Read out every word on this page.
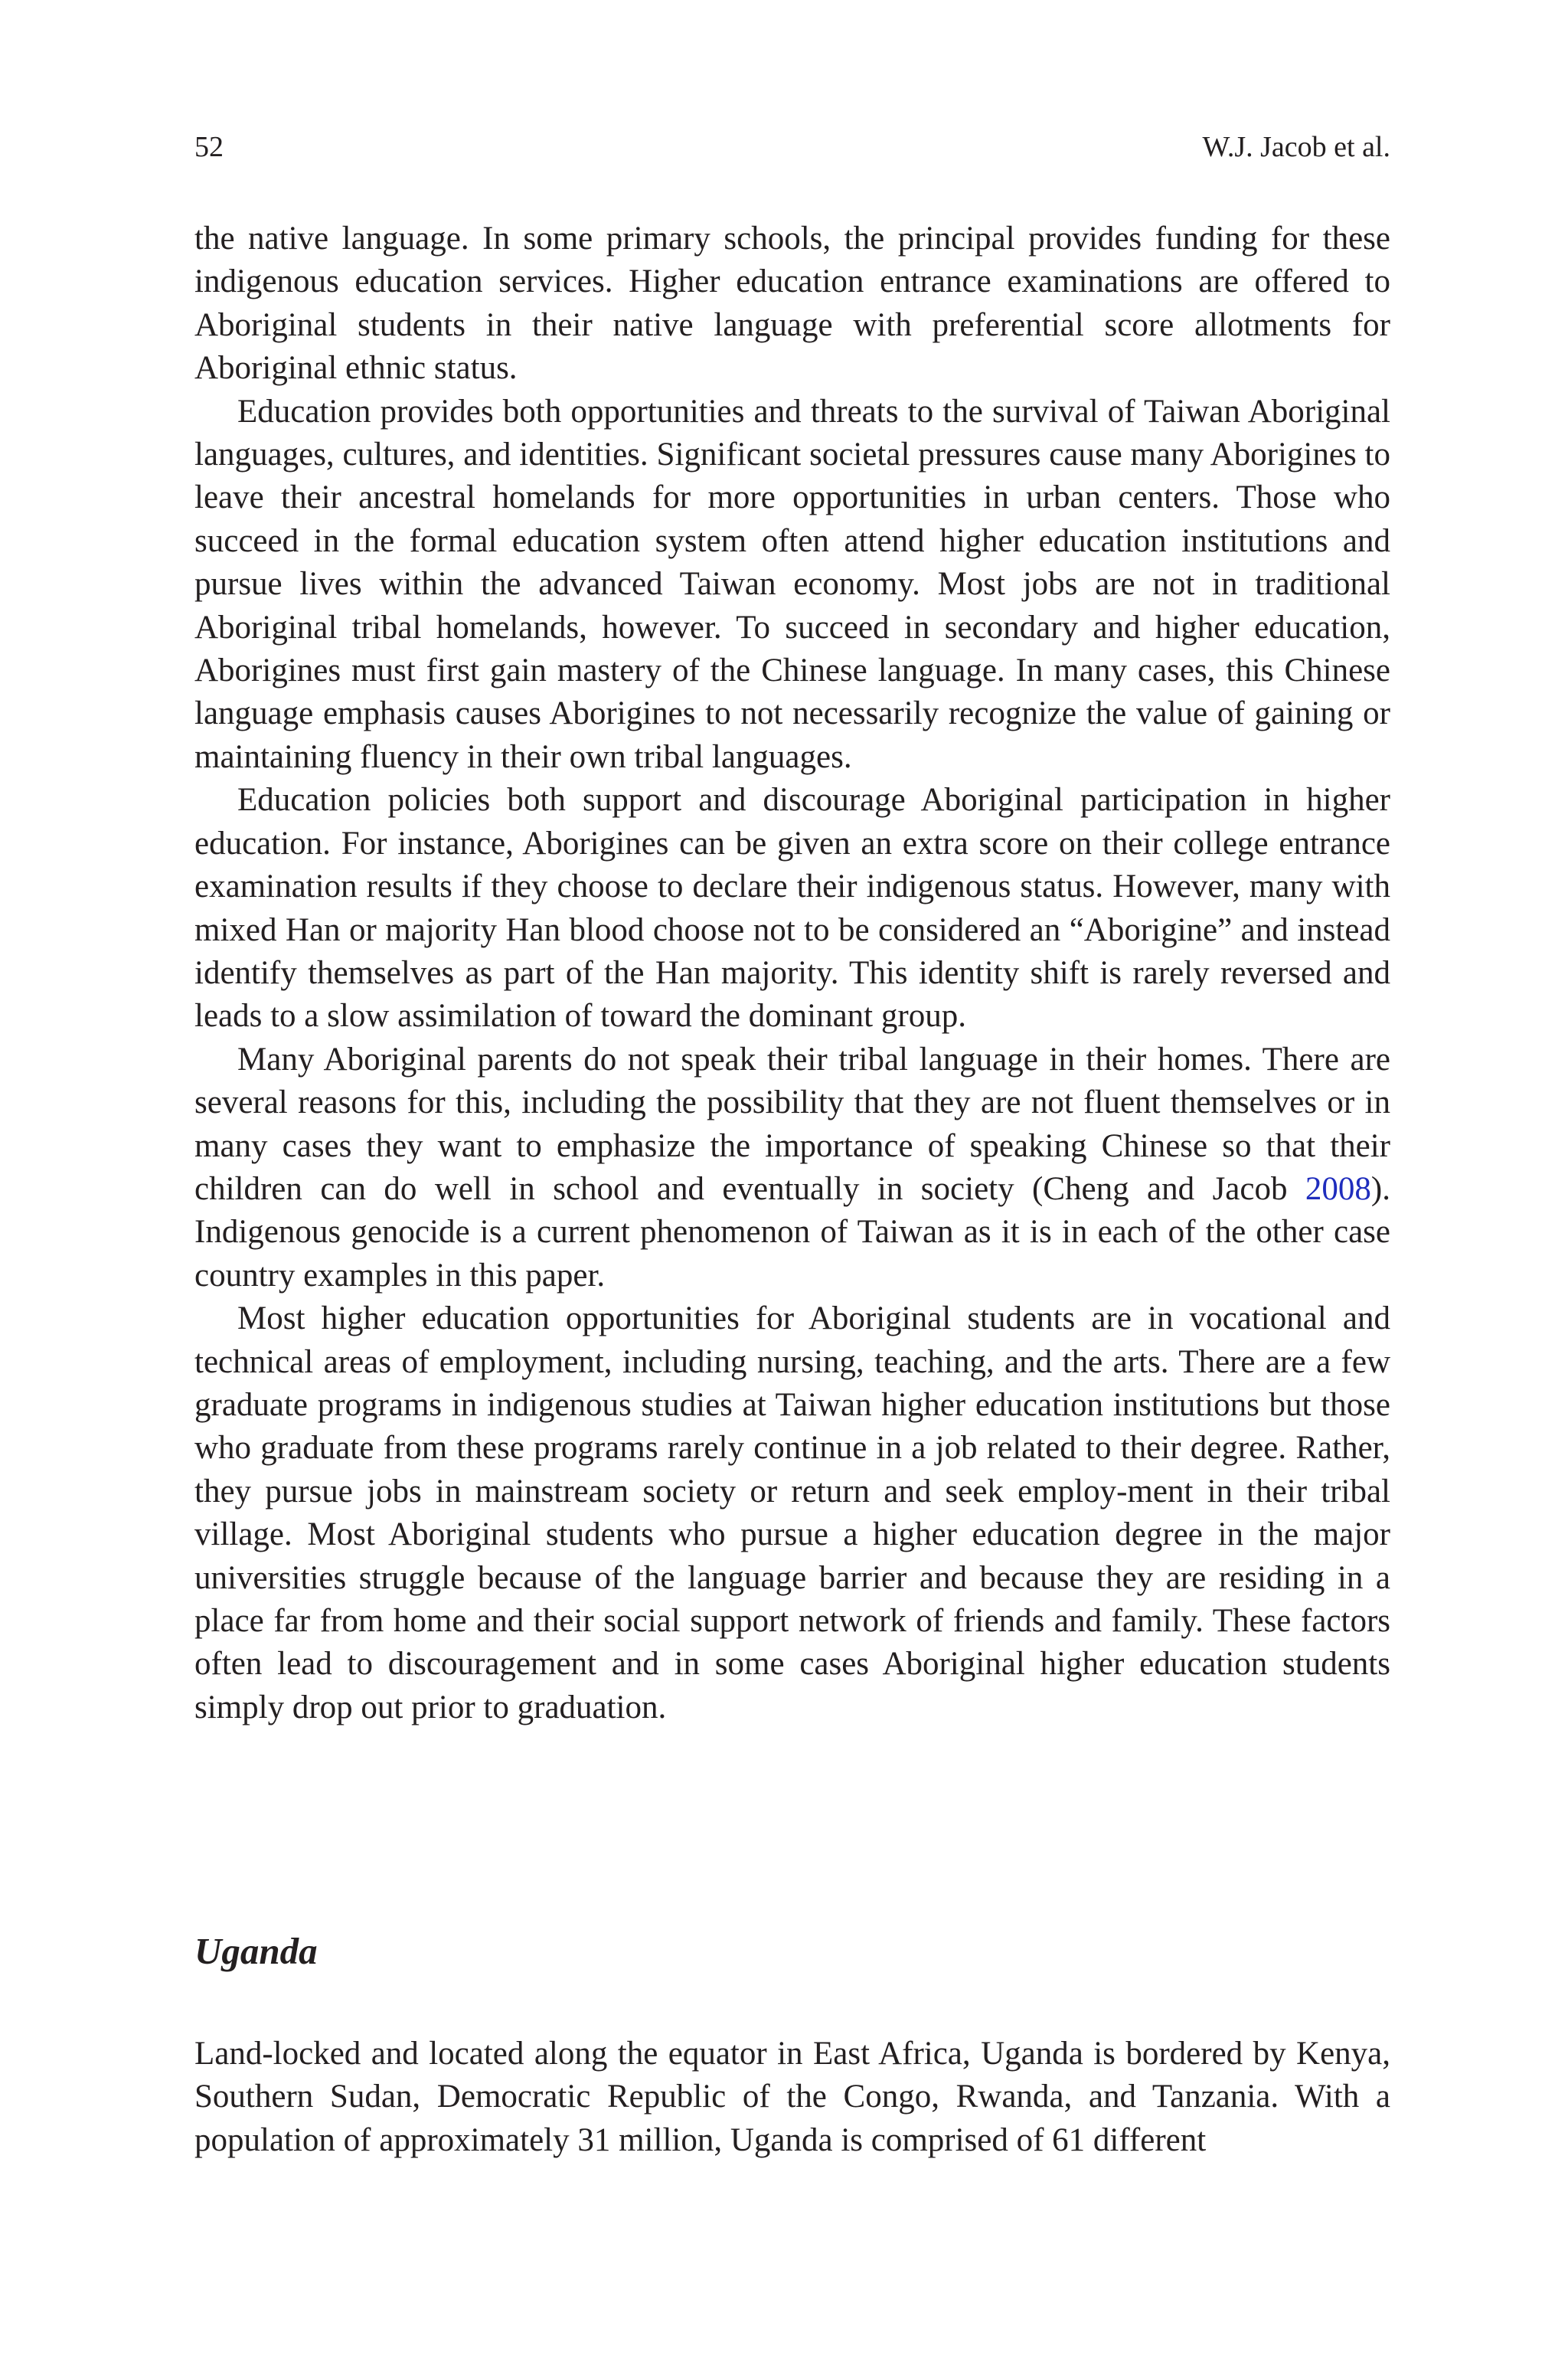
52	W.J. Jacob et al.

the native language. In some primary schools, the principal provides funding for these indigenous education services. Higher education entrance examinations are offered to Aboriginal students in their native language with preferential score allotments for Aboriginal ethnic status.

Education provides both opportunities and threats to the survival of Taiwan Aboriginal languages, cultures, and identities. Significant societal pressures cause many Aborigines to leave their ancestral homelands for more opportunities in urban centers. Those who succeed in the formal education system often attend higher education institutions and pursue lives within the advanced Taiwan economy. Most jobs are not in traditional Aboriginal tribal homelands, however. To succeed in secondary and higher education, Aborigines must first gain mastery of the Chinese language. In many cases, this Chinese language emphasis causes Aborigines to not necessarily recognize the value of gaining or maintaining fluency in their own tribal languages.

Education policies both support and discourage Aboriginal participation in higher education. For instance, Aborigines can be given an extra score on their college entrance examination results if they choose to declare their indigenous status. However, many with mixed Han or majority Han blood choose not to be considered an “Aborigine” and instead identify themselves as part of the Han majority. This identity shift is rarely reversed and leads to a slow assimilation of toward the dominant group.

Many Aboriginal parents do not speak their tribal language in their homes. There are several reasons for this, including the possibility that they are not fluent themselves or in many cases they want to emphasize the importance of speaking Chinese so that their children can do well in school and eventually in society (Cheng and Jacob 2008). Indigenous genocide is a current phenomenon of Taiwan as it is in each of the other case country examples in this paper.

Most higher education opportunities for Aboriginal students are in vocational and technical areas of employment, including nursing, teaching, and the arts. There are a few graduate programs in indigenous studies at Taiwan higher education institutions but those who graduate from these programs rarely continue in a job related to their degree. Rather, they pursue jobs in mainstream society or return and seek employ-ment in their tribal village. Most Aboriginal students who pursue a higher education degree in the major universities struggle because of the language barrier and because they are residing in a place far from home and their social support network of friends and family. These factors often lead to discouragement and in some cases Aboriginal higher education students simply drop out prior to graduation.

Uganda

Land-locked and located along the equator in East Africa, Uganda is bordered by Kenya, Southern Sudan, Democratic Republic of the Congo, Rwanda, and Tanzania. With a population of approximately 31 million, Uganda is comprised of 61 different
